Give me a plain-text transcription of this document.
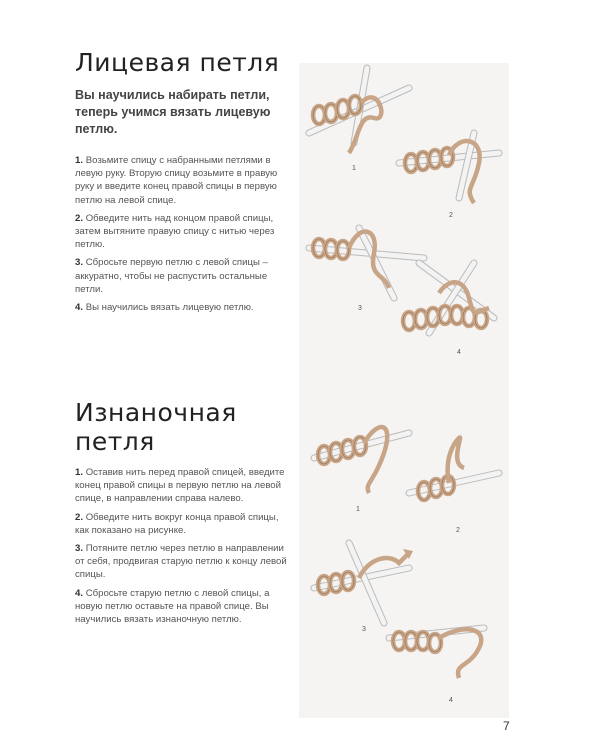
Лицевая петля

Вы научились набирать петли, теперь учимся вязать лицевую петлю.

1. Возьмите спицу с набранными петлями в левую руку. Вторую спицу возьмите в правую руку и введите конец правой спицы в первую петлю на левой спице.

2. Обведите нить над концом правой спицы, затем вытяните правую спицу с нитью через петлю.

3. Сбросьте первую петлю с левой спицы – аккуратно, чтобы не распустить остальные петли.

4. Вы научились вязать лицевую петлю.

Изнаночная петля

1. Оставив нить перед правой спицей, введите конец правой спицы в первую петлю на левой спице, в направлении справа налево.

2. Обведите нить вокруг конца правой спицы, как показано на рисунке.

3. Потяните петлю через петлю в направлении от себя, продвигая старую петлю к концу левой спицы.

4. Сбросьте старую петлю с левой спицы, а новую петлю оставьте на правой спице. Вы научились вязать изнаночную петлю.

1
2
3
4
1
2
3
4
7
